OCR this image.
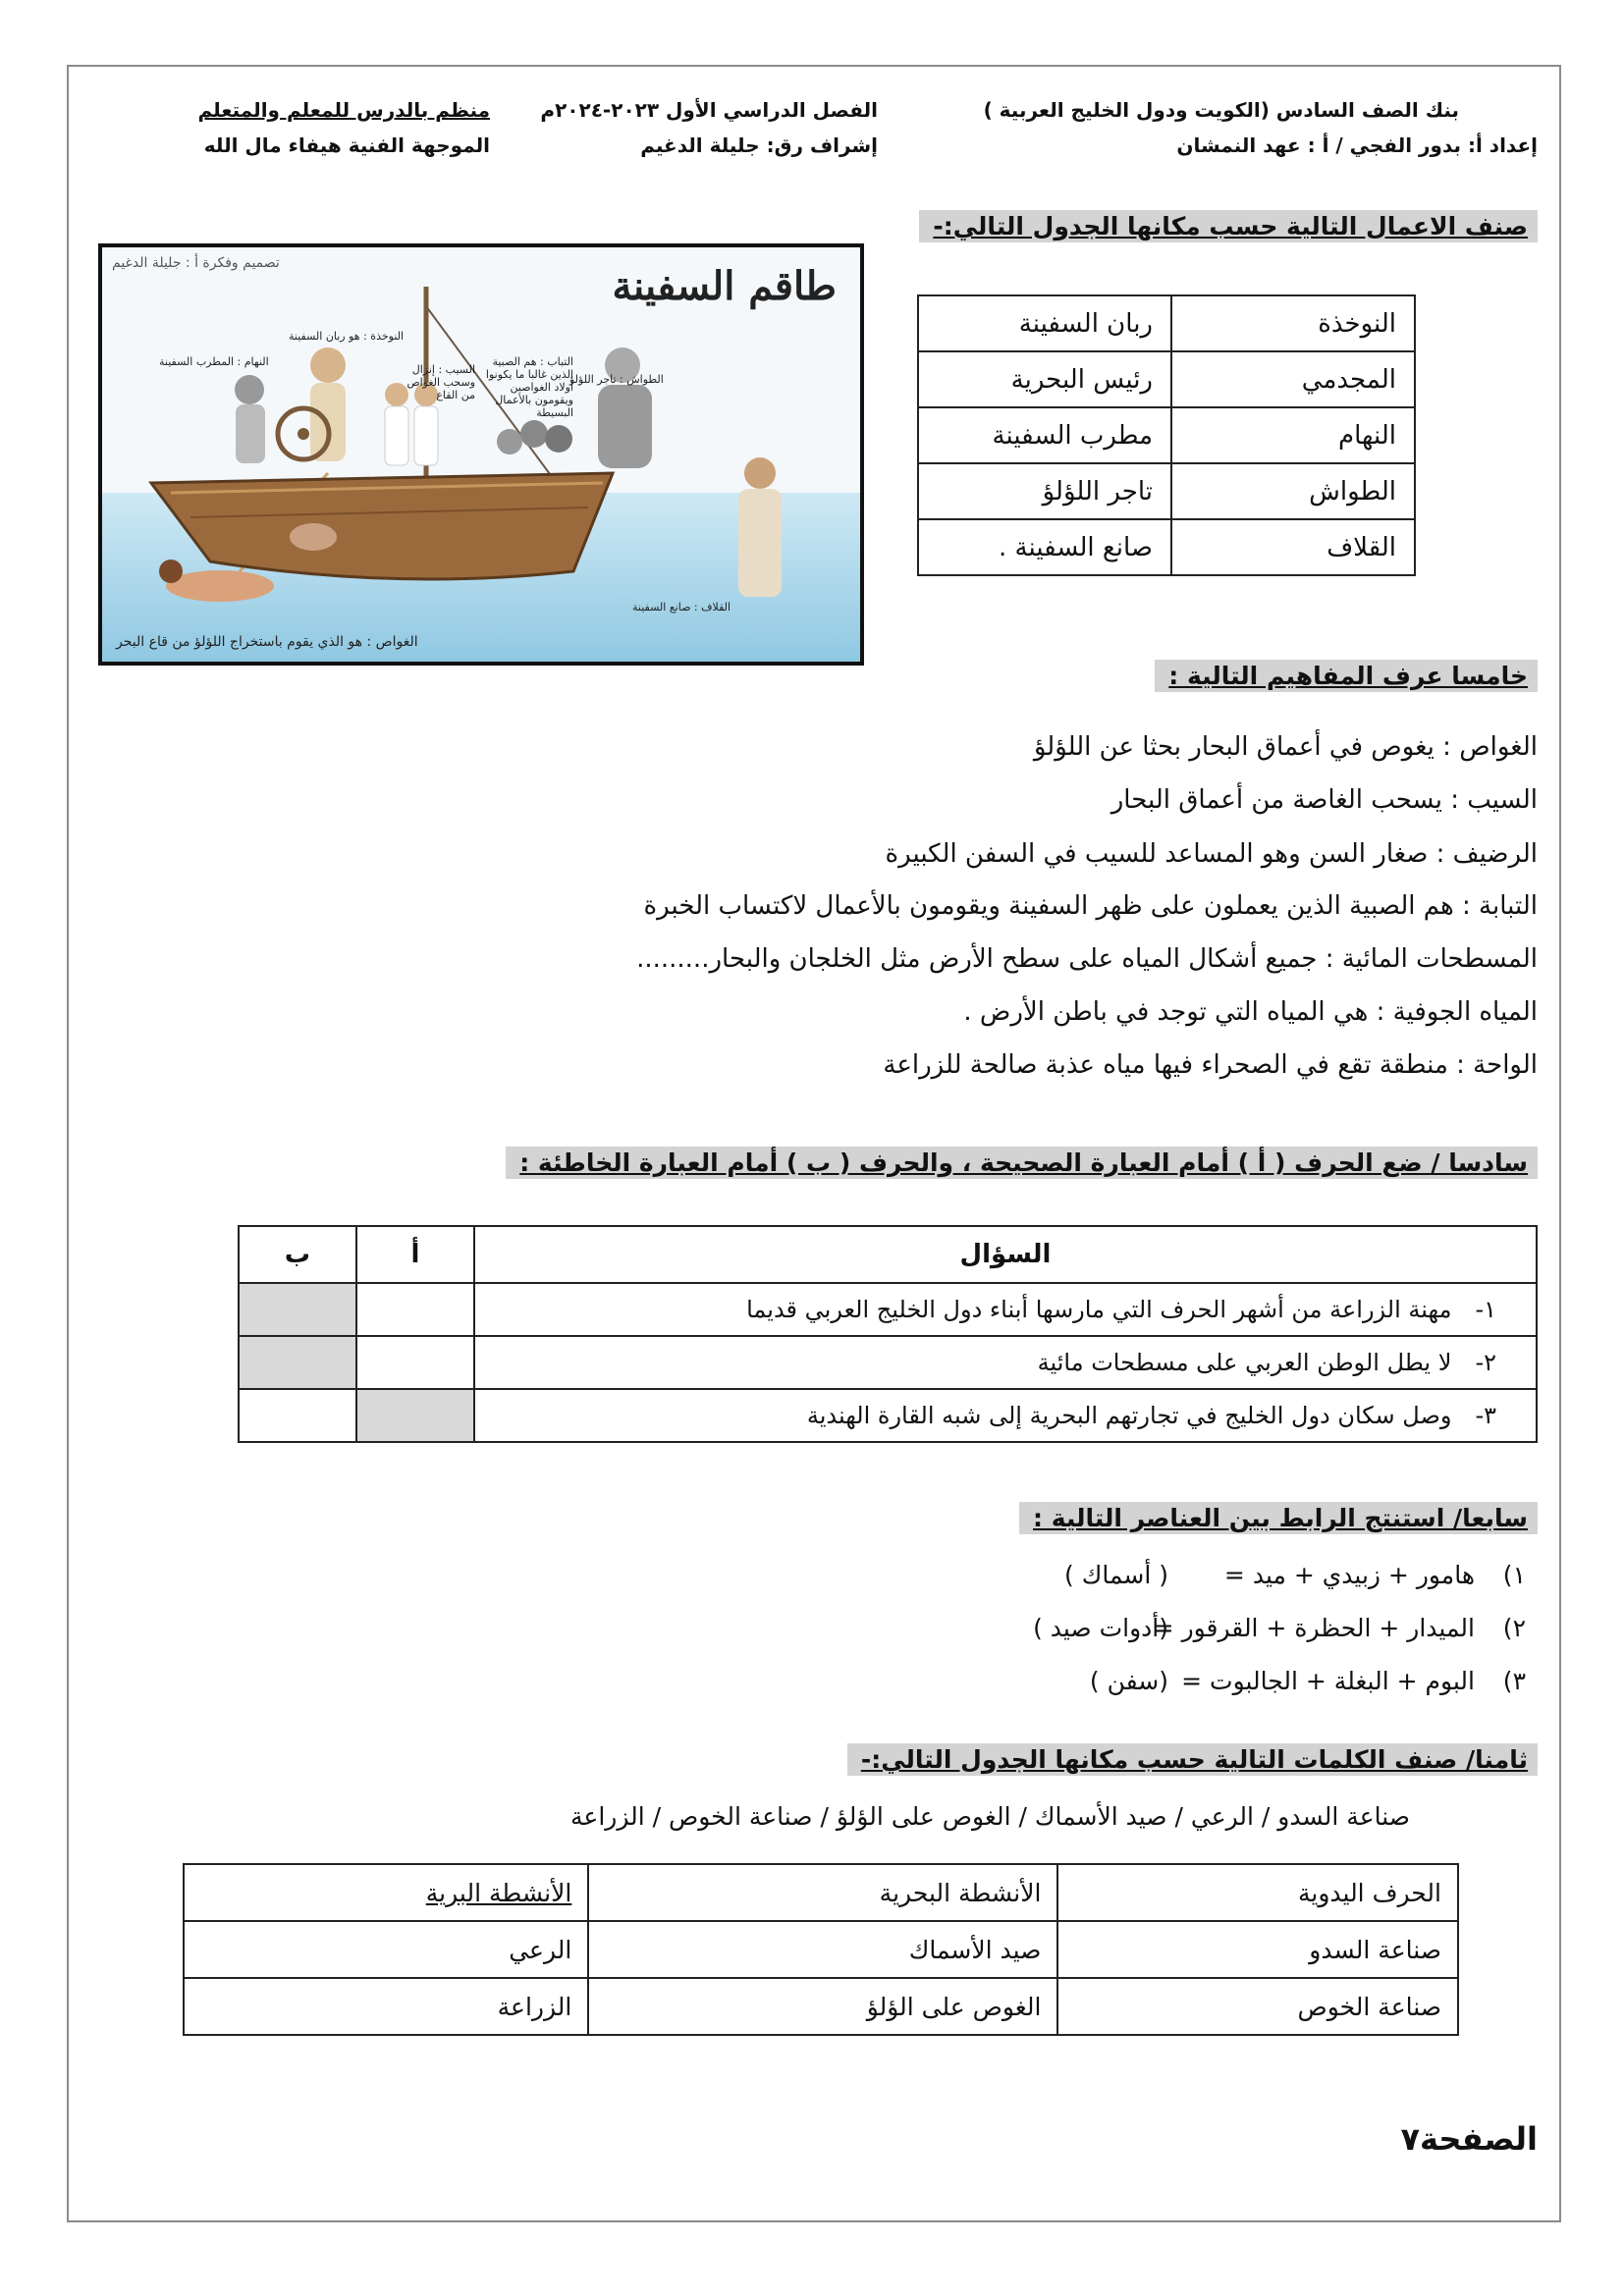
بنك الصف السادس (الكويت ودول الخليج العربية )
الفصل الدراسي الأول ٢٠٢٣-٢٠٢٤م
منظم بالدرس للمعلم والمتعلم
إعداد أ: بدور الفجي / أ : عهد النمشان
إشراف رق: جليلة الدغيم
الموجهة الفنية هيفاء مال الله
صنف الاعمال التالية حسب مكانها الجدول التالي:-
النوخذة	ربان السفينة
المجدمي	رئيس البحرية
النهام	مطرب السفينة
الطواش	تاجر اللؤلؤ
القلاف	صانع السفينة .
طاقم السفينة
تصميم وفكرة أ : جليلة الدغيم
النوخذة : هو ربان السفينة
النهام : المطرب السفينة
السيب : إنزال وسحب الغواص من القاع
التباب : هم الصبية الذين غالبا ما يكونوا أولاد الغواصين ويقومون بالأعمال البسيطة
الطواش : تاجر اللؤلؤ
القلاف : صانع السفينة
الغواص : هو الذي يقوم باستخراج اللؤلؤ من قاع البحر
خامسا عرف المفاهيم التالية :
الغواص : يغوص في أعماق البحار بحثا عن اللؤلؤ
السيب : يسحب الغاصة من أعماق البحار
الرضيف : صغار السن وهو المساعد للسيب في السفن الكبيرة
التبابة : هم الصبية الذين يعملون على ظهر السفينة ويقومون بالأعمال لاكتساب الخبرة
المسطحات المائية : جميع أشكال المياه على سطح الأرض مثل الخلجان والبحار.........
المياه الجوفية : هي المياه التي توجد في باطن الأرض .
الواحة : منطقة تقع في الصحراء فيها مياه عذبة صالحة للزراعة
سادسا / ضع الحرف ( أ ) أمام العبارة الصحيحة ، والحرف ( ب ) أمام العبارة الخاطئة :
السؤال	أ	ب
١-مهنة الزراعة من أشهر الحرف التي مارسها أبناء دول الخليج العربي قديما		
٢-لا يطل الوطن العربي على مسطحات مائية		
٣-وصل سكان دول الخليج في تجارتهم البحرية إلى شبه القارة الهندية		
سابعا/ استنتج الرابط بين العناصر التالية :
١)هامور + زبيدي + ميد =( أسماك )
٢)الميدار + الحظرة + القرقور =(أدوات صيد )
٣)البوم + البغلة + الجالبوت =(سفن )
ثامنا/ صنف الكلمات التالية حسب مكانها الجدول التالي:-
صناعة السدو / الرعي / صيد الأسماك / الغوص على الؤلؤ / صناعة الخوص / الزراعة
الحرف اليدوية	الأنشطة البحرية	الأنشطة البرية
صناعة السدو	صيد الأسماك	الرعي
صناعة الخوص	الغوص على الؤلؤ	الزراعة
الصفحة٧
